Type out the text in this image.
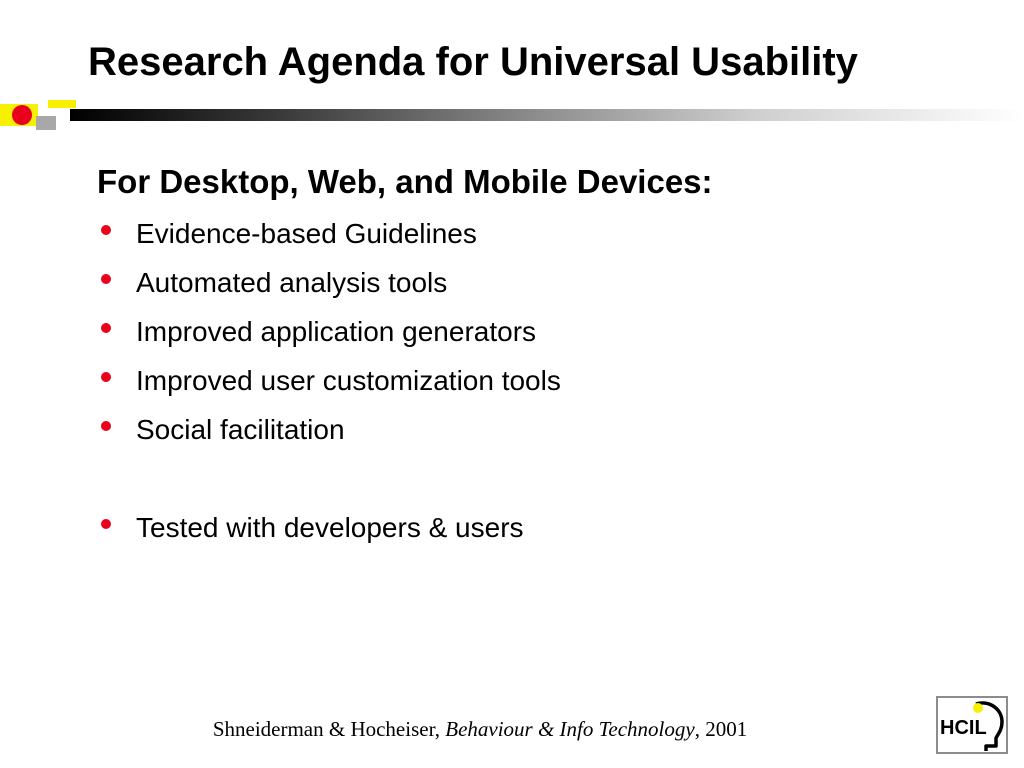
Research Agenda for Universal Usability
For Desktop, Web, and Mobile Devices:
Evidence-based Guidelines
Automated analysis tools
Improved application generators
Improved user customization tools
Social facilitation
Tested with developers & users
Shneiderman & Hocheiser, Behaviour & Info Technology, 2001	HCIL
